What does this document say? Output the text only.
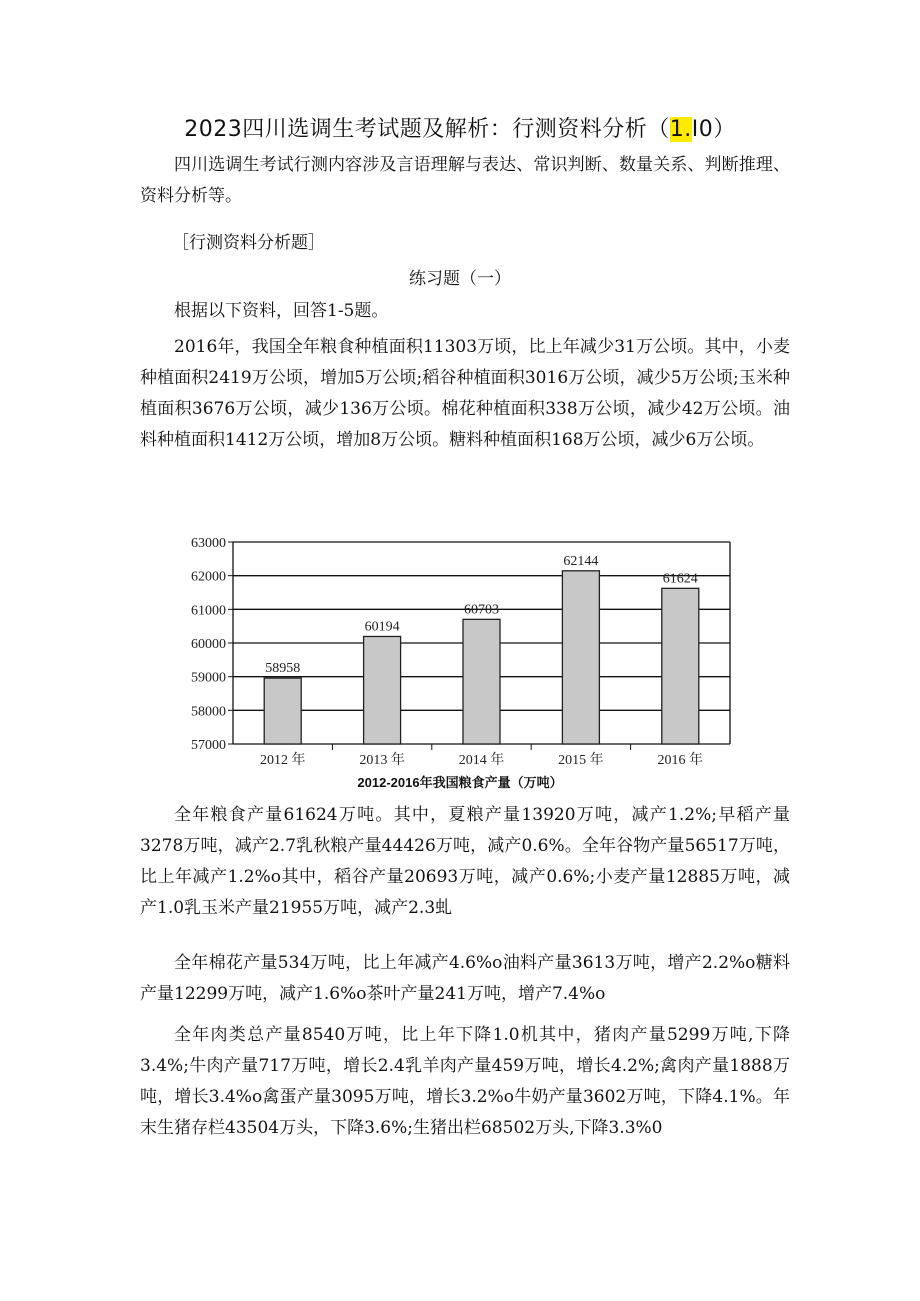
2023四川选调生考试题及解析：行测资料分析（1.I0）

四川选调生考试行测内容涉及言语理解与表达、常识判断、数量关系、判断推理、资料分析等。

［行测资料分析题］

练习题（一）

根据以下资料，回答1-5题。

2016年，我国全年粮食种植面积11303万顷，比上年减少31万公顷。其中，小麦种植面积2419万公顷，增加5万公顷;稻谷种植面积3016万公顷，减少5万公顷;玉米种植面积3676万公顷，减少136万公顷。棉花种植面积338万公顷，减少42万公顷。油料种植面积1412万公顷，增加8万公顷。糖料种植面积168万公顷，减少6万公顷。

57000
58000
59000
60000
61000
62000
63000
58958
2012 年
60194
2013 年
60703
2014 年
62144
2015 年
61624
2016 年

2012-2016年我国粮食产量（万吨）

全年粮食产量61624万吨。其中，夏粮产量13920万吨，减产1.2%;早稻产量3278万吨，减产2.7乳秋粮产量44426万吨，减产0.6%。全年谷物产量56517万吨，比上年减产1.2%o其中，稻谷产量20693万吨，减产0.6%;小麦产量12885万吨，减产1.0乳玉米产量21955万吨，减产2.3虬

全年棉花产量534万吨，比上年减产4.6%o油料产量3613万吨，增产2.2%o糖料产量12299万吨，减产1.6%o茶叶产量241万吨，增产7.4%o

全年肉类总产量8540万吨，比上年下降1.0机其中，猪肉产量5299万吨,下降3.4%;牛肉产量717万吨，增长2.4乳羊肉产量459万吨，增长4.2%;禽肉产量1888万吨，增长3.4%o禽蛋产量3095万吨，增长3.2%o牛奶产量3602万吨，下降4.1%。年末生猪存栏43504万头，下降3.6%;生猪出栏68502万头,下降3.3%0
